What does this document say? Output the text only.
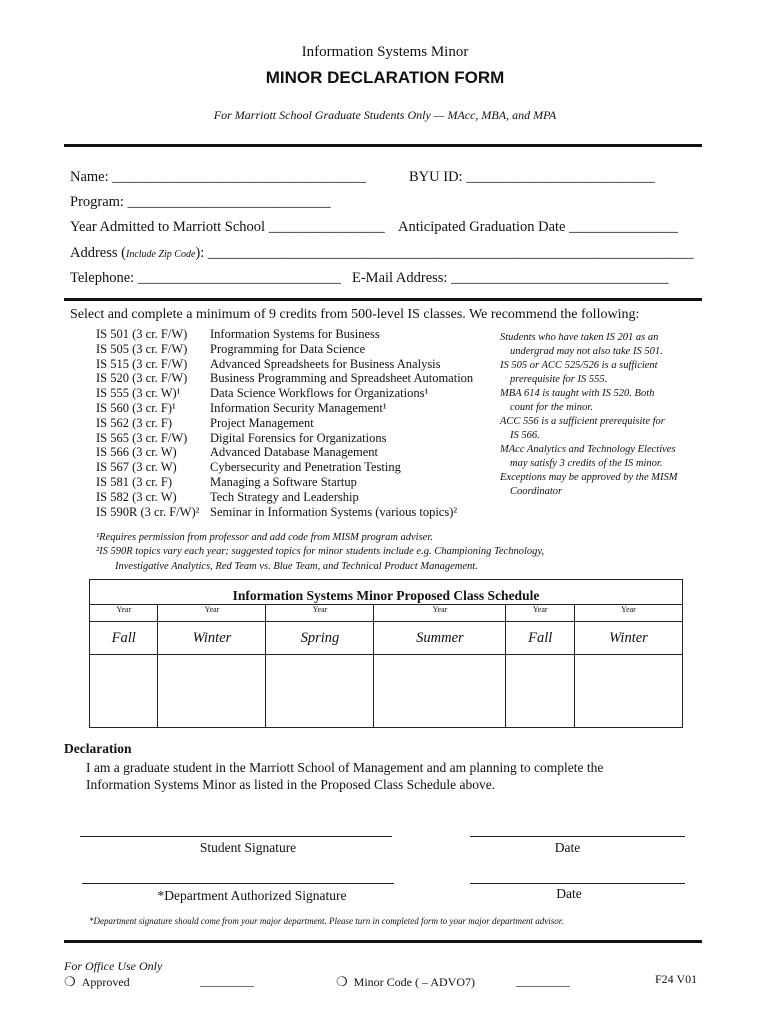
Information Systems Minor
MINOR DECLARATION FORM
For Marriott School Graduate Students Only — MAcc, MBA, and MPA
Name: ___________________________________	BYU ID: __________________________
Program: ____________________________
Year Admitted to Marriott School ________________ Anticipated Graduation Date _______________
Address (Include Zip Code): ___________________________________________________________________
Telephone: ____________________________ E-Mail Address: ______________________________
Select and complete a minimum of 9 credits from 500-level IS classes. We recommend the following:
IS 501 (3 cr. F/W)	Information Systems for Business
IS 505 (3 cr. F/W)	Programming for Data Science
IS 515 (3 cr. F/W)	Advanced Spreadsheets for Business Analysis
IS 520 (3 cr. F/W)	Business Programming and Spreadsheet Automation
IS 555 (3 cr. W)¹	Data Science Workflows for Organizations¹
IS 560 (3 cr. F)¹	Information Security Management¹
IS 562 (3 cr. F)	Project Management
IS 565 (3 cr. F/W)	Digital Forensics for Organizations
IS 566 (3 cr. W)	Advanced Database Management
IS 567 (3 cr. W)	Cybersecurity and Penetration Testing
IS 581 (3 cr. F)	Managing a Software Startup
IS 582 (3 cr. W)	Tech Strategy and Leadership
IS 590R (3 cr. F/W)² Seminar in Information Systems (various topics)²
Students who have taken IS 201 as an
undergrad may not also take IS 501.
IS 505 or ACC 525/526 is a sufficient
prerequisite for IS 555.
MBA 614 is taught with IS 520. Both
count for the minor.
ACC 556 is a sufficient prerequisite for
IS 566.
MAcc Analytics and Technology Electives
may satisfy 3 credits of the IS minor.
Exceptions may be approved by the MISM
Coordinator
¹Requires permission from professor and add code from MISM program adviser.
²IS 590R topics vary each year; suggested topics for minor students include e.g. Championing Technology,
Investigative Analytics, Red Team vs. Blue Team, and Technical Product Management.
Information Systems Minor Proposed Class Schedule					
Year	Year	Year	Year	Year	Year
Fall	Winter	Spring	Summer	Fall	Winter

Declaration
I am a graduate student in the Marriott School of Management and am planning to complete the Information Systems Minor as listed in the Proposed Class Schedule above.
Student Signature	Date
*Department Authorized Signature	Date
*Department signature should come from your major department. Please turn in completed form to your major department advisor.
For Office Use Only
❍ Approved	_________	❍ Minor Code ( – ADVO7)	_________	F24 V01
